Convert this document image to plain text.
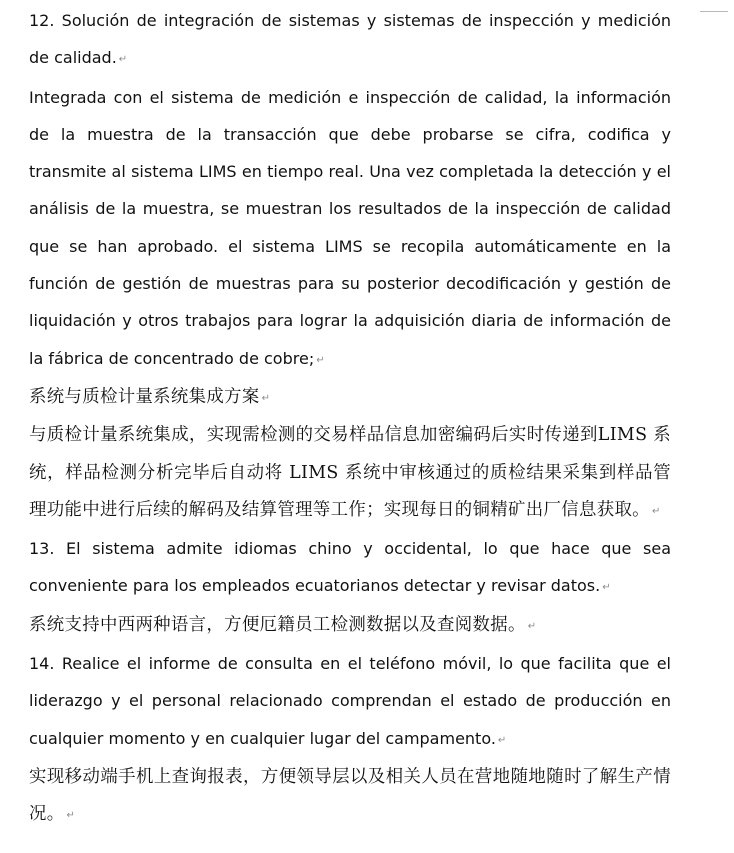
12. Solución de integración de sistemas y sistemas de inspección y medición de calidad. ↵

Integrada con el sistema de medición e inspección de calidad, la información de la muestra de la transacción que debe probarse se cifra, codifica y transmite al sistema LIMS en tiempo real. Una vez completada la detección y el análisis de la muestra, se muestran los resultados de la inspección de calidad que se han aprobado. el sistema LIMS se recopila automáticamente en la función de gestión de muestras para su posterior decodificación y gestión de liquidación y otros trabajos para lograr la adquisición diaria de información de la fábrica de concentrado de cobre; ↵

系统与质检计量系统集成方案 ↵

与质检计量系统集成，实现需检测的交易样品信息加密编码后实时传递到LIMS 系统，样品检测分析完毕后自动将 LIMS 系统中审核通过的质检结果采集到样品管理功能中进行后续的解码及结算管理等工作；实现每日的铜精矿出厂信息获取。 ↵

13. El sistema admite idiomas chino y occidental, lo que hace que sea conveniente para los empleados ecuatorianos detectar y revisar datos. ↵

系统支持中西两种语言，方便厄籍员工检测数据以及查阅数据。 ↵

14. Realice el informe de consulta en el teléfono móvil, lo que facilita que el liderazgo y el personal relacionado comprendan el estado de producción en cualquier momento y en cualquier lugar del campamento. ↵

实现移动端手机上查询报表，方便领导层以及相关人员在营地随地随时了解生产情况。 ↵
